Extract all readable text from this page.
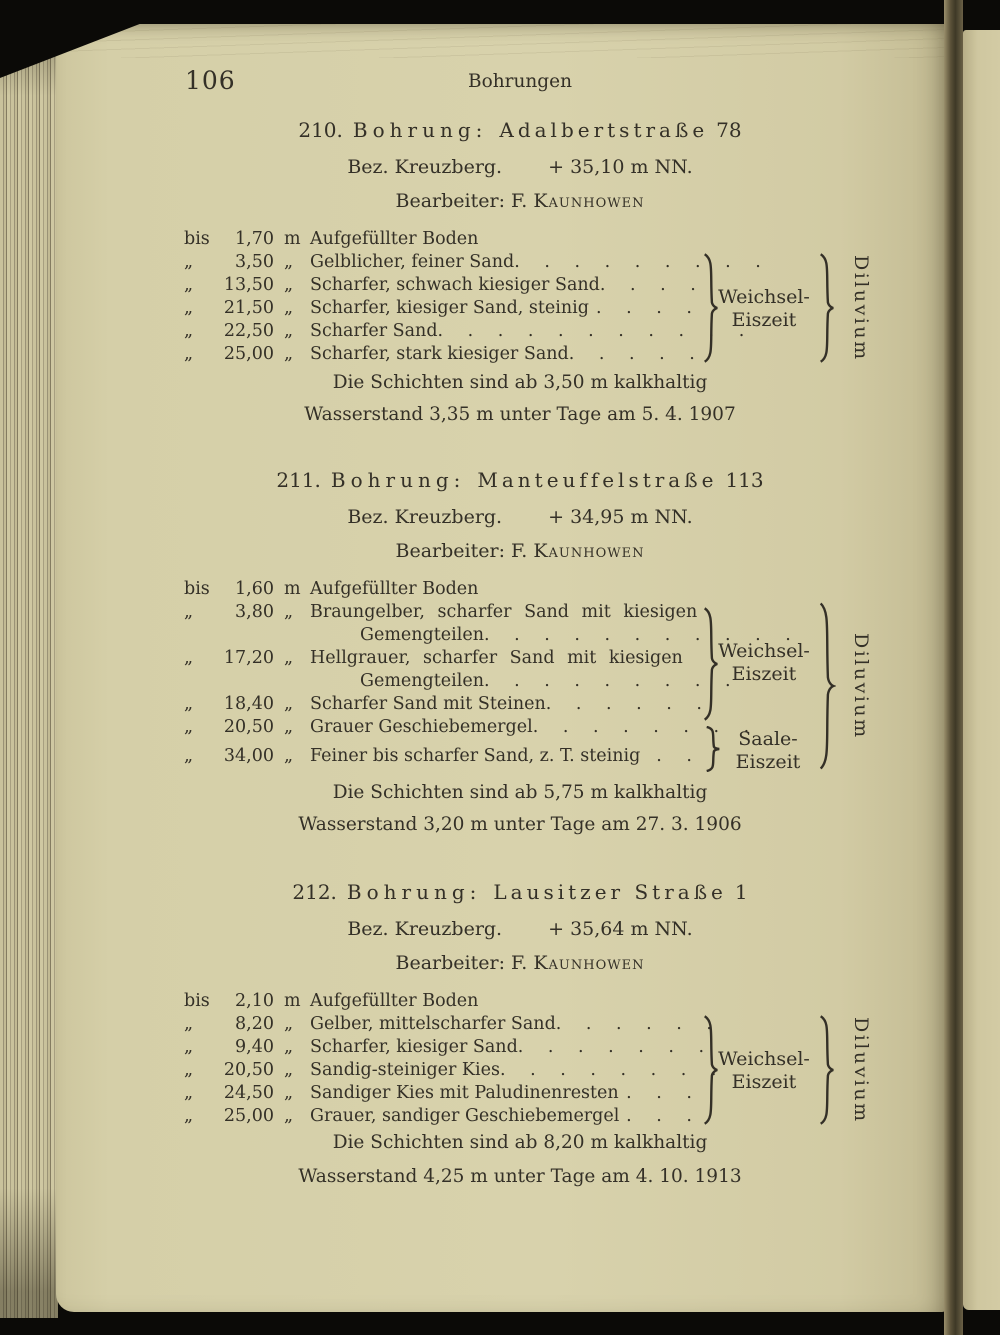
106	Bohrungen
210. Bohrung: Adalbertstraße 78
Bez. Kreuzberg. + 35,10 m NN.
Bearbeiter: F. Kaunhowen
bis	1,70 m Aufgefüllter Boden
„	3,50 „ Gelblicher, feiner Sand . . . . . . . . .
„	13,50 „ Scharfer, schwach kiesiger Sand . . . .
„	21,50 „ Scharfer, kiesiger Sand, steinig . . . .
„	22,50 „ Scharfer Sand . . . . . . . . . . .
„	25,00 „ Scharfer, stark kiesiger Sand . . . . .
Weichsel-
Eiszeit	Diluvium
Die Schichten sind ab 3,50 m kalkhaltig
Wasserstand 3,35 m unter Tage am 5. 4. 1907
211. Bohrung: Manteuffelstraße 113
Bez. Kreuzberg. + 34,95 m NN.
Bearbeiter: F. Kaunhowen
bis	1,60 m Aufgefüllter Boden
„	3,80 „ Braungelber, scharfer Sand mit kiesigen
Gemengteilen . . . . . . . . . . .
„	17,20 „ Hellgrauer, scharfer Sand mit kiesigen
Gemengteilen . . . . . . . . .
„	18,40 „ Scharfer Sand mit Steinen . . . . . .
„	20,50 „ Grauer Geschiebemergel . . . . . . . .
„	34,00 „ Feiner bis scharfer Sand, z. T. steinig . .
Weichsel-
Eiszeit
Saale-
Eiszeit
Diluvium
Die Schichten sind ab 5,75 m kalkhaltig
Wasserstand 3,20 m unter Tage am 27. 3. 1906
212. Bohrung: Lausitzer Straße 1
Bez. Kreuzberg. + 35,64 m NN.
Bearbeiter: F. Kaunhowen
bis	2,10 m Aufgefüllter Boden
„	8,20 „ Gelber, mittelscharfer Sand . . . . . .
„	9,40 „ Scharfer, kiesiger Sand . . . . . . .
„	20,50 „ Sandig-steiniger Kies . . . . . . . .
„	24,50 „ Sandiger Kies mit Paludinenresten . . .
„	25,00 „ Grauer, sandiger Geschiebemergel . . .
Weichsel-
Eiszeit	Diluvium
Die Schichten sind ab 8,20 m kalkhaltig
Wasserstand 4,25 m unter Tage am 4. 10. 1913
